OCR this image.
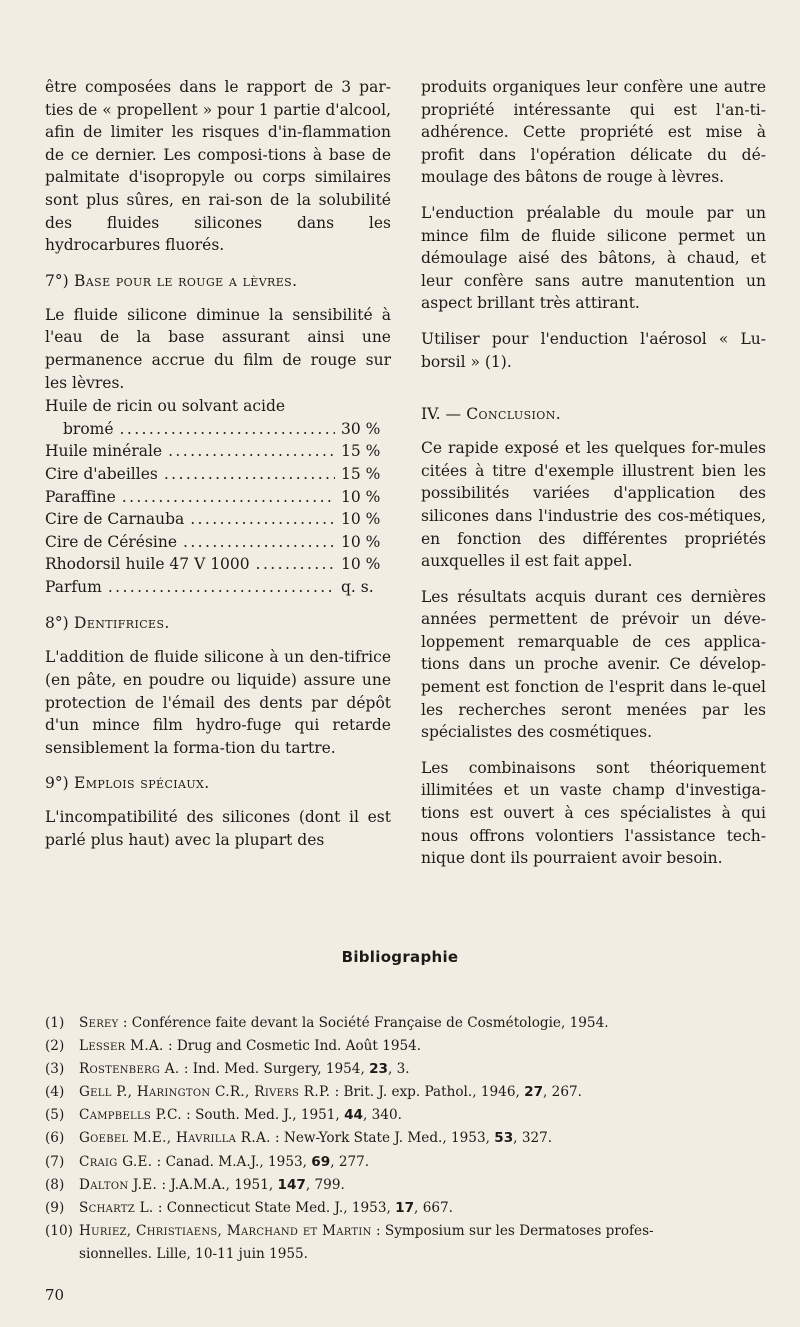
être composées dans le rapport de 3 par-ties de « propellent » pour 1 partie d'alcool, afin de limiter les risques d'in-flammation de ce dernier. Les composi-tions à base de palmitate d'isopropyle ou corps similaires sont plus sûres, en rai-son de la solubilité des fluides silicones dans les hydrocarbures fluorés.

7°) Base pour le rouge a lèvres.

Le fluide silicone diminue la sensibilité à l'eau de la base assurant ainsi une permanence accrue du film de rouge sur les lèvres.

Huile de ricin ou solvant acide
bromé .....	30 %
Huile minérale .....	15 %
Cire d'abeilles .....	15 %
Paraffine .....	10 %
Cire de Carnauba .....	10 %
Cire de Cérésine .....	10 %
Rhodorsil huile 47 V 1000 .....	10 %
Parfum .....	q. s.
8°) Dentifrices.

L'addition de fluide silicone à un den-tifrice (en pâte, en poudre ou liquide) assure une protection de l'émail des dents par dépôt d'un mince film hydro-fuge qui retarde sensiblement la forma-tion du tartre.

9°) Emplois spéciaux.

L'incompatibilité des silicones (dont il est parlé plus haut) avec la plupart des

produits organiques leur confère une autre propriété intéressante qui est l'an-ti-adhérence. Cette propriété est mise à profit dans l'opération délicate du dé-moulage des bâtons de rouge à lèvres.

L'enduction préalable du moule par un mince film de fluide silicone permet un démoulage aisé des bâtons, à chaud, et leur confère sans autre manutention un aspect brillant très attirant.

Utiliser pour l'enduction l'aérosol « Lu-borsil » (1).

IV. — Conclusion.

Ce rapide exposé et les quelques for-mules citées à titre d'exemple illustrent bien les possibilités variées d'application des silicones dans l'industrie des cos-métiques, en fonction des différentes propriétés auxquelles il est fait appel.

Les résultats acquis durant ces dernières années permettent de prévoir un déve-loppement remarquable de ces applica-tions dans un proche avenir. Ce dévelop-pement est fonction de l'esprit dans le-quel les recherches seront menées par les spécialistes des cosmétiques.

Les combinaisons sont théoriquement illimitées et un vaste champ d'investiga-tions est ouvert à ces spécialistes à qui nous offrons volontiers l'assistance tech-nique dont ils pourraient avoir besoin.

Bibliographie
(1)	Serey : Conférence faite devant la Société Française de Cosmétologie, 1954.
(2)	Lesser M.A. : Drug and Cosmetic Ind. Août 1954.
(3)	Rostenberg A. : Ind. Med. Surgery, 1954, 23, 3.
(4)	Gell P., Harington C.R., Rivers R.P. : Brit. J. exp. Pathol., 1946, 27, 267.
(5)	Campbells P.C. : South. Med. J., 1951, 44, 340.
(6)	Goebel M.E., Havrilla R.A. : New-York State J. Med., 1953, 53, 327.
(7)	Craig G.E. : Canad. M.A.J., 1953, 69, 277.
(8)	Dalton J.E. : J.A.M.A., 1951, 147, 799.
(9)	Schartz L. : Connecticut State Med. J., 1953, 17, 667.
(10) Huriez, Christiaens, Marchand et Martin : Symposium sur les Dermatoses profes-
sionnelles. Lille, 10-11 juin 1955.
70
